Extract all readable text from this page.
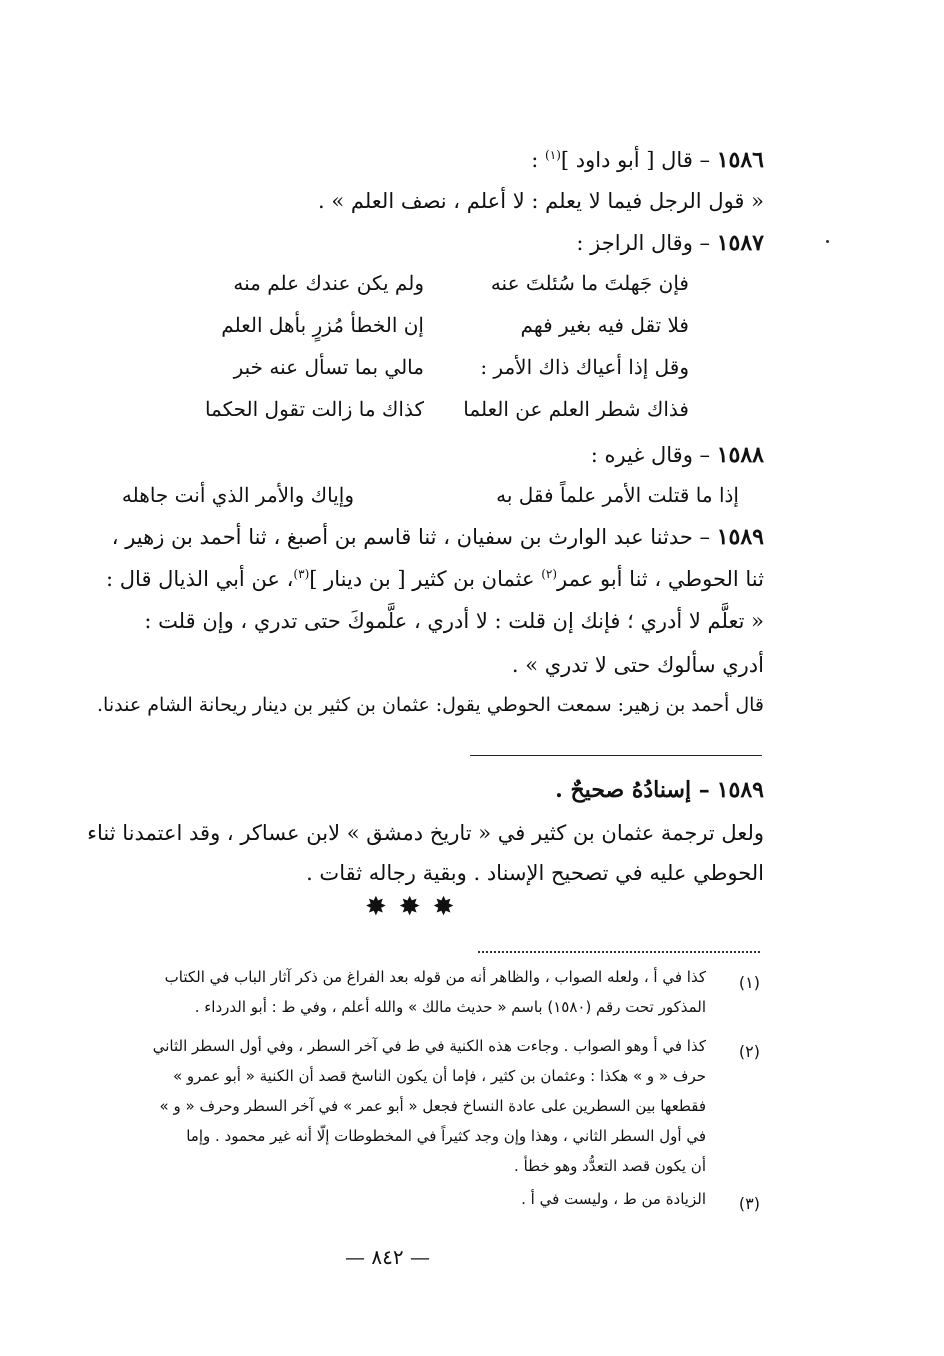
١٥٨٦ – قال [ أبو داود ]$^{(١)}$ :
« قول الرجل فيما لا يعلم : لا أعلم ، نصف العلم » .
١٥٨٧ – وقال الراجز :
فإن جَهلتَ ما سُئلتَ عنه
ولم يكن عندك علم منه
فلا تقل فيه بغير فهم
إن الخطأ مُزرٍ بأهل العلم
وقل إذا أعياك ذاك الأمر :
مالي بما تسأل عنه خبر
فذاك شطر العلم عن العلما
كذاك ما زالت تقول الحكما
١٥٨٨ – وقال غيره :
إذا ما قتلت الأمر علماً فقل به
وإياك والأمر الذي أنت جاهله
١٥٨٩ – حدثنا عبد الوارث بن سفيان ، ثنا قاسم بن أصبغ ، ثنا أحمد بن زهير ،
ثنا الحوطي ، ثنا أبو عمر$^{(٢)}$ عثمان بن كثير [ بن دينار ]$^{(٣)}$، عن أبي الذيال قال :
« تعلَّم لا أدري ؛ فإنك إن قلت : لا أدري ، علَّموكَ حتى تدري ، وإن قلت :
أدري سألوك حتى لا تدري » .
قال أحمد بن زهير: سمعت الحوطي يقول: عثمان بن كثير بن دينار ريحانة الشام عندنا.
١٥٨٩ – إسنادُهُ صحيحٌ .
ولعل ترجمة عثمان بن كثير في « تاريخ دمشق » لابن عساكر ، وقد اعتمدنا ثناء
الحوطي عليه في تصحيح الإسناد . وبقية رجاله ثقات .
✸✸✸
(١)
كذا في أ ، ولعله الصواب ، والظاهر أنه من قوله بعد الفراغ من ذكر آثار الباب في الكتاب
المذكور تحت رقم (١٥٨٠) باسم « حديث مالك » والله أعلم ، وفي ط : أبو الدرداء .
(٢)
كذا في أ وهو الصواب . وجاءت هذه الكنية في ط في آخر السطر ، وفي أول السطر الثاني
حرف « و » هكذا : وعثمان بن كثير ، فإما أن يكون الناسخ قصد أن الكنية « أبو عمرو »
فقطعها بين السطرين على عادة النساخ فجعل « أبو عمر » في آخر السطر وحرف « و »
في أول السطر الثاني ، وهذا وإن وجد كثيراً في المخطوطات إلّا أنه غير محمود . وإما
أن يكون قصد التعدُّد وهو خطأ .
(٣)
الزيادة من ط ، وليست في أ .
— ٨٤٢ —
